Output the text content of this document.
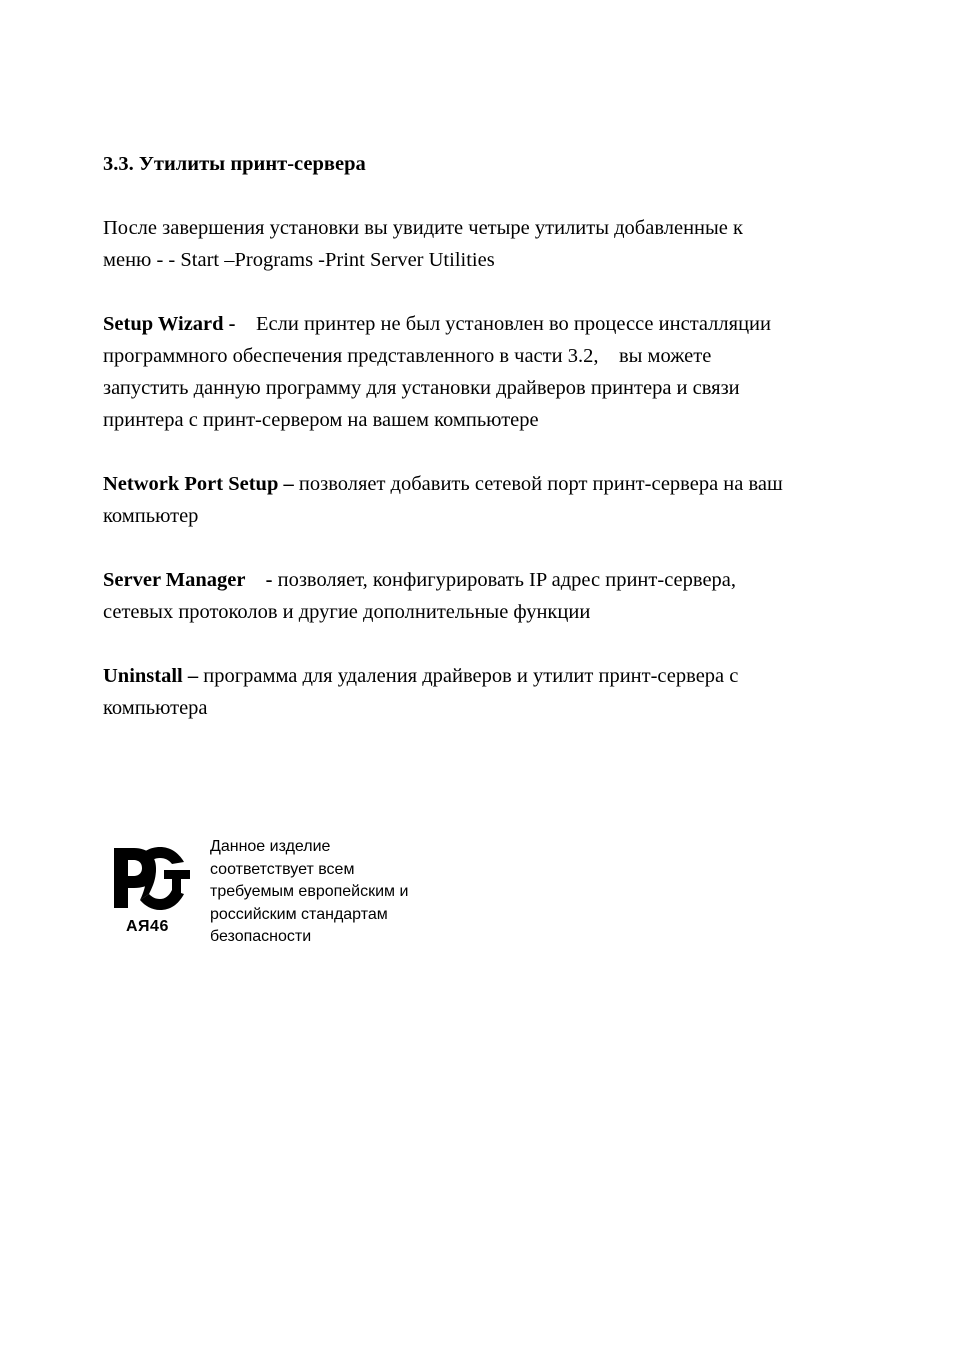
3.3. Утилиты принт-сервера
После завершения установки вы увидите четыре утилиты добавленные к
меню - - Start –Programs -Print Server Utilities
Setup Wizard -    Если принтер не был установлен во процессе инсталляции
программного обеспечения представленного в части 3.2,    вы можете
запустить данную программу для установки драйверов принтера и связи
принтера с принт-сервером на вашем компьютере
Network Port Setup – позволяет добавить сетевой порт принт-сервера на ваш
компьютер
Server Manager    - позволяет, конфигурировать IP адрес принт-сервера,
сетевых протоколов и другие дополнительные функции
Uninstall – программа для удаления драйверов и утилит принт-сервера с
компьютера
АЯ46
Данное изделие
соответствует всем
требуемым европейским и
российским стандартам
безопасности
